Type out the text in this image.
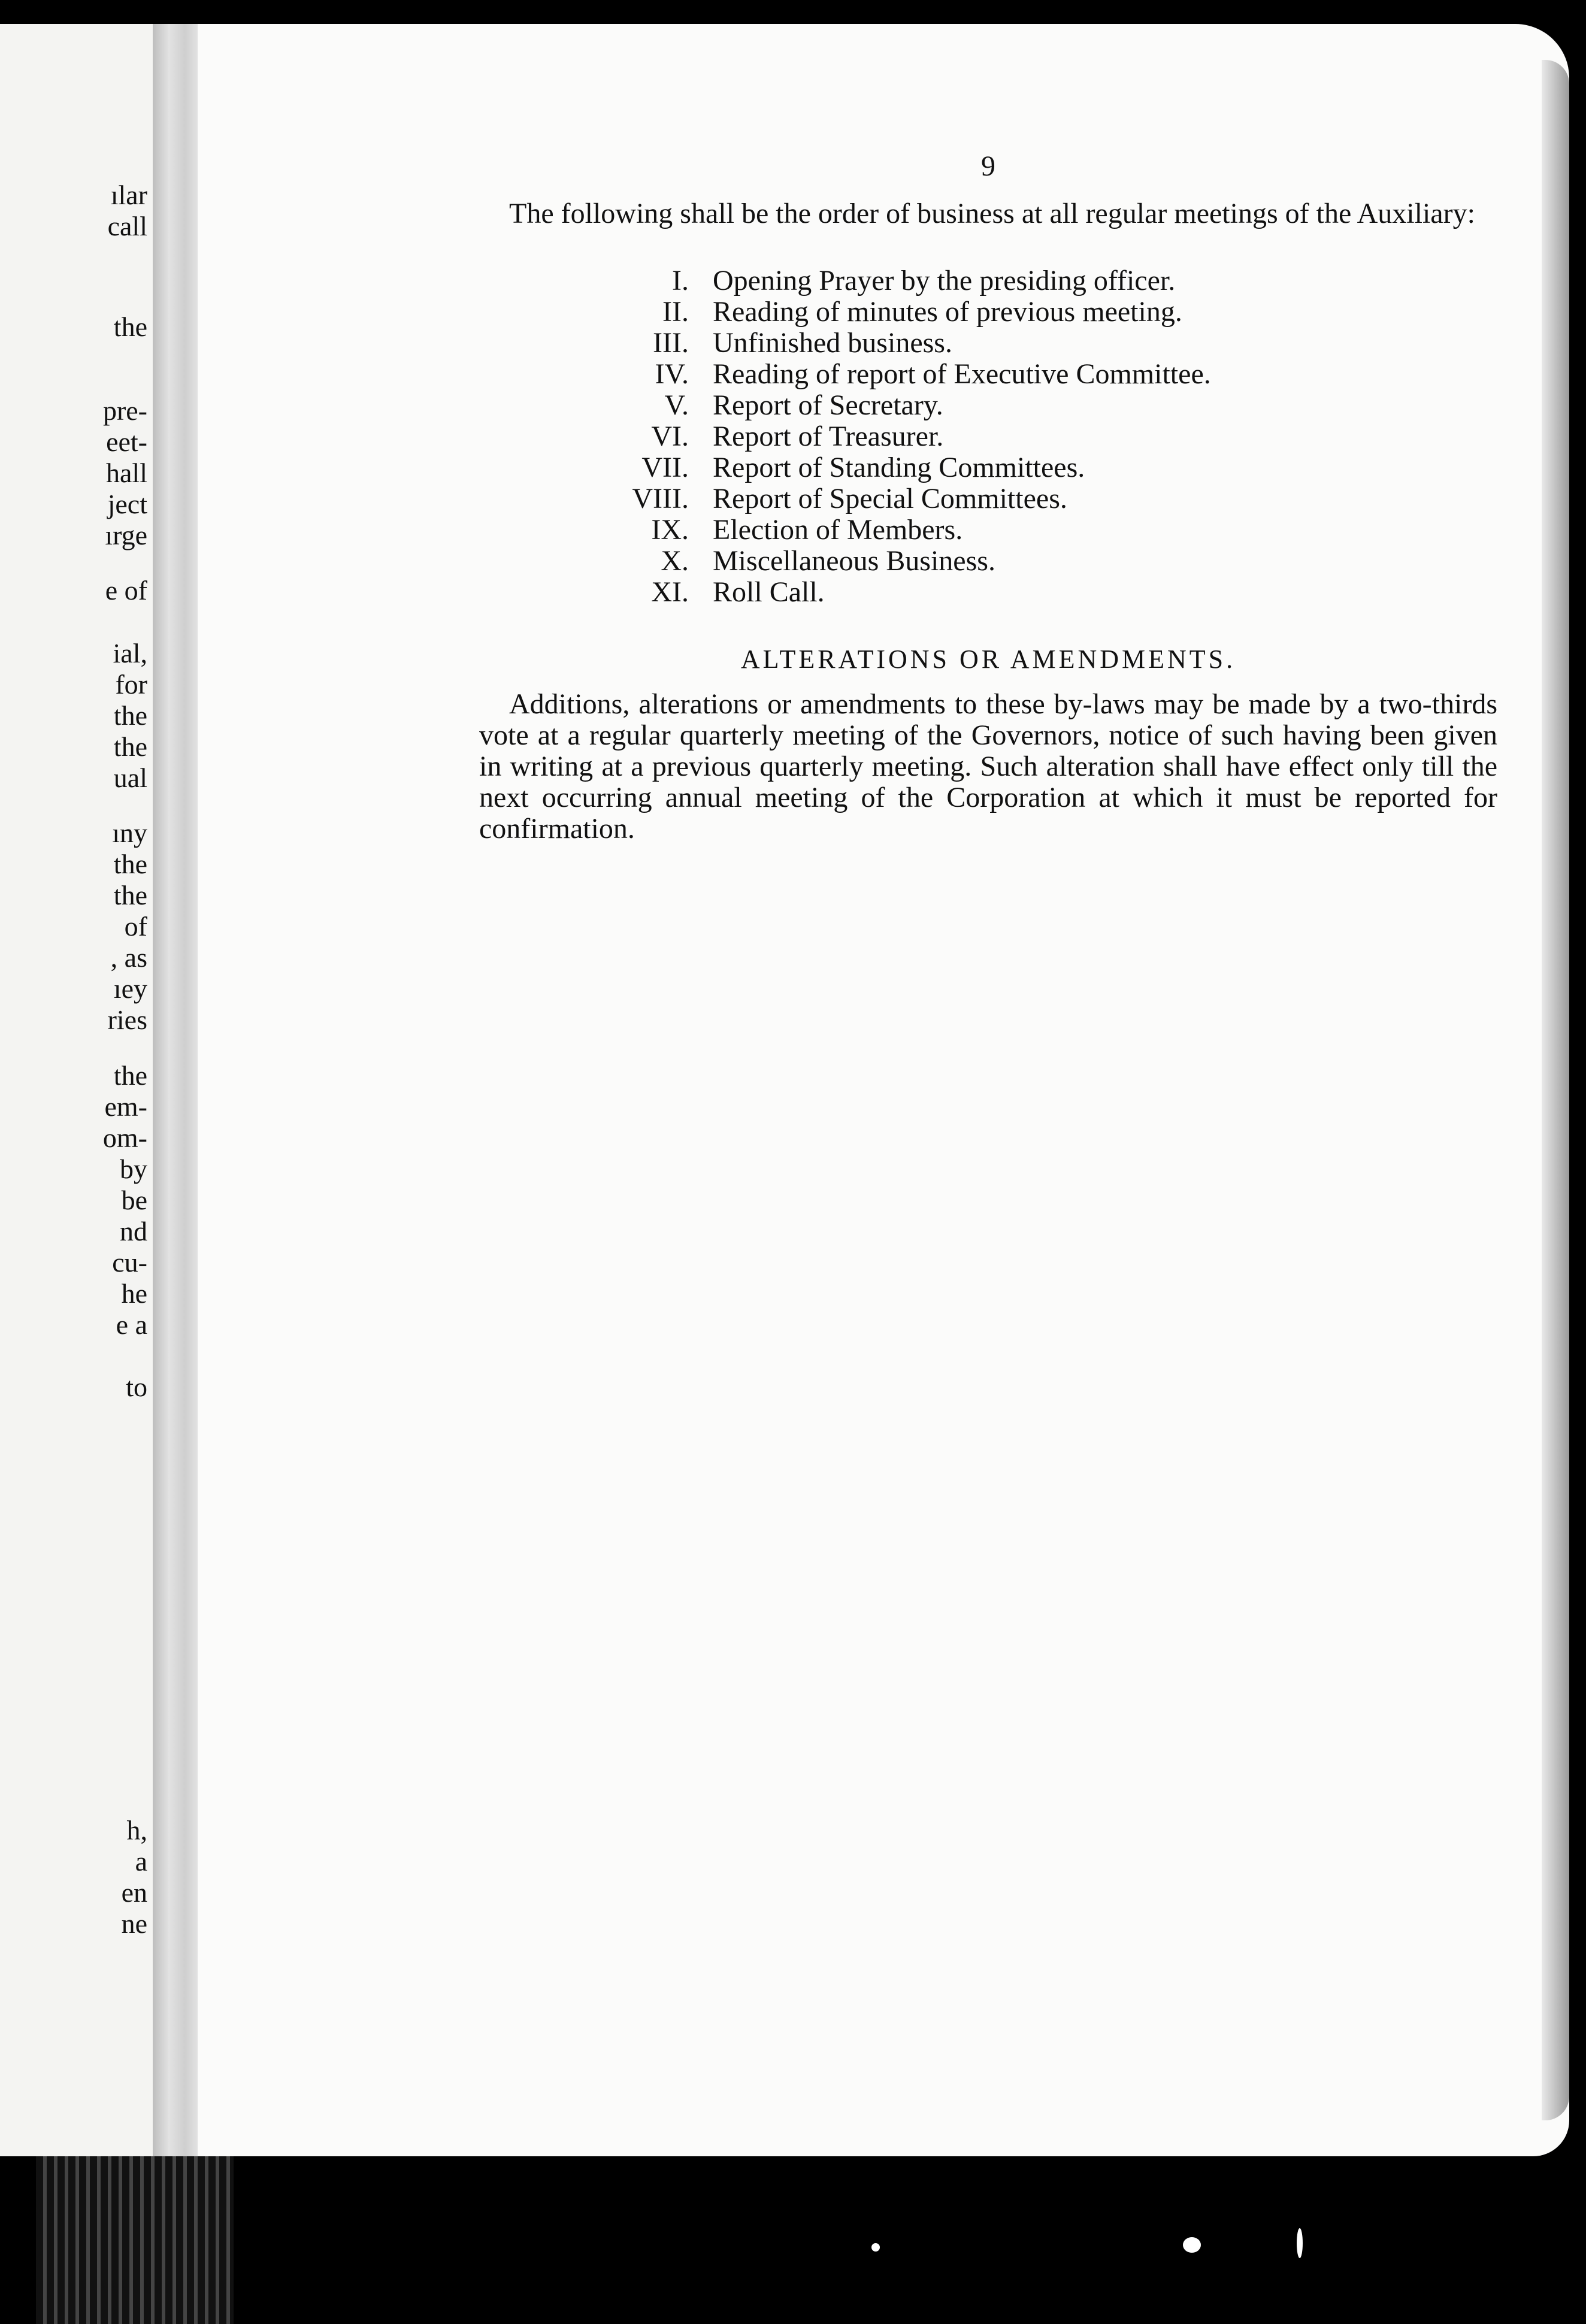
ılar
call
the
pre-
eet-
hall
ject
ırge
e of
ial,
for
the
the
ual
ıny
the
the
of
, as
ıey
ries
the
em-
om-
by
be
nd
cu-
he
e a
to
h,
a
en
ne
9

The following shall be the order of business at all regular meetings of the Auxiliary:

I. Opening Prayer by the presiding officer.
II. Reading of minutes of previous meeting.
III. Unfinished business.
IV. Reading of report of Executive Committee.
V. Report of Secretary.
VI. Report of Treasurer.
VII. Report of Standing Committees.
VIII. Report of Special Committees.
IX. Election of Members.
X. Miscellaneous Business.
XI. Roll Call.
ALTERATIONS OR AMENDMENTS.

Additions, alterations or amendments to these by-laws may be made by a two-thirds vote at a regular quarterly meeting of the Governors, notice of such having been given in writing at a previous quarterly meeting. Such alteration shall have effect only till the next occurring annual meeting of the Corporation at which it must be reported for confirmation.
